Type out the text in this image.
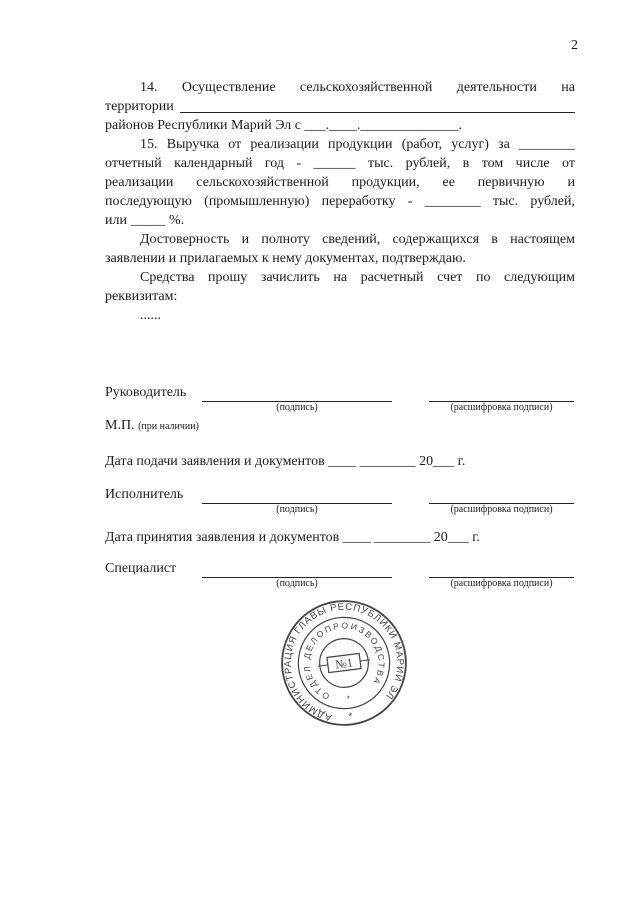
2
14. Осуществление сельскохозяйственной деятельности на
территории
районов Республики Марий Эл с ___.____.______________.
15. Выручка от реализации продукции (работ, услуг) за ________
отчетный календарный год - ______ тыс. рублей, в том числе от
реализации сельскохозяйственной продукции, ее первичную и
последующую (промышленную) переработку - ________ тыс. рублей,
или _____ %.

Достоверность и полноту сведений, содержащихся в настоящем заявлении и прилагаемых к нему документах, подтверждаю.

Средства прошу зачислить на расчетный счет по следующим реквизитам:

......
Руководитель
(подпись)	(расшифровка подписи)
М.П. (при наличии)
Дата подачи заявления и документов ____ ________ 20___ г.
Исполнитель
(подпись)	(расшифровка подписи)
Дата принятия заявления и документов ____ ________ 20___ г.
Специалист
(подпись)	(расшифровка подписи)
АДМИНИСТРАЦИЯ ГЛАВЫ РЕСПУБЛИКИ МАРИЙ ЭЛ
ОТДЕЛ ДЕЛОПРОИЗВОДСТВА
*
*
№1
